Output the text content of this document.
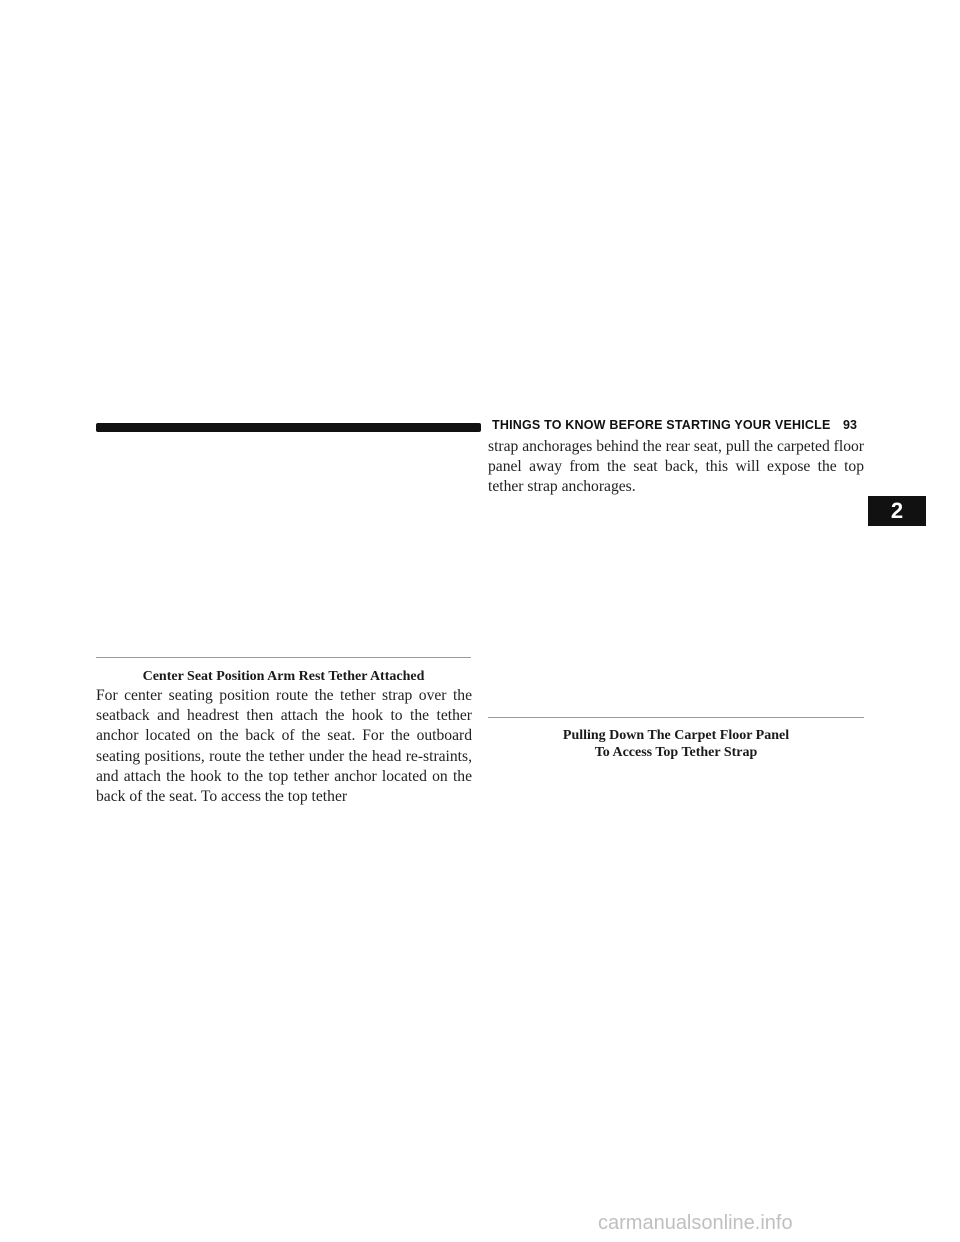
THINGS TO KNOW BEFORE STARTING YOUR VEHICLE 93
2
Center Seat Position Arm Rest Tether Attached

For center seating position route the tether strap over the seatback and headrest then attach the hook to the tether anchor located on the back of the seat. For the outboard seating positions, route the tether under the head re-straints, and attach the hook to the top tether anchor located on the back of the seat. To access the top tether

strap anchorages behind the rear seat, pull the carpeted floor panel away from the seat back, this will expose the top tether strap anchorages.

Pulling Down The Carpet Floor Panel
To Access Top Tether Strap
carmanualsonline.info
